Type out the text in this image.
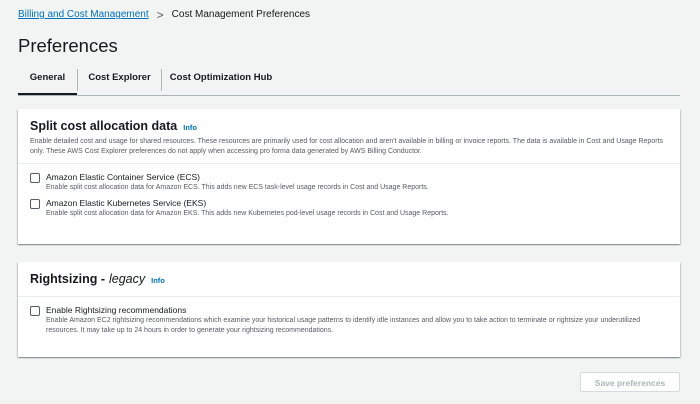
Billing and Cost Management > Cost Management Preferences
Preferences
General	Cost Explorer	Cost Optimization Hub
Split cost allocation data Info
Enable detailed cost and usage for shared resources. These resources are primarily used for cost allocation and aren't available in billing or invoice reports. The data is available in Cost and Usage Reports only. These AWS Cost Explorer preferences do not apply when accessing pro forma data generated by AWS Billing Conductor.
Amazon Elastic Container Service (ECS)
Enable split cost allocation data for Amazon ECS. This adds new ECS task-level usage records in Cost and Usage Reports.
Amazon Elastic Kubernetes Service (EKS)
Enable split cost allocation data for Amazon EKS. This adds new Kubernetes pod-level usage records in Cost and Usage Reports.
Rightsizing - legacy Info
Enable Rightsizing recommendations
Enable Amazon EC2 rightsizing recommendations which examine your historical usage patterns to identify idle instances and allow you to take action to terminate or rightsize your underutilized resources. It may take up to 24 hours in order to generate your rightsizing recommendations.
Save preferences
